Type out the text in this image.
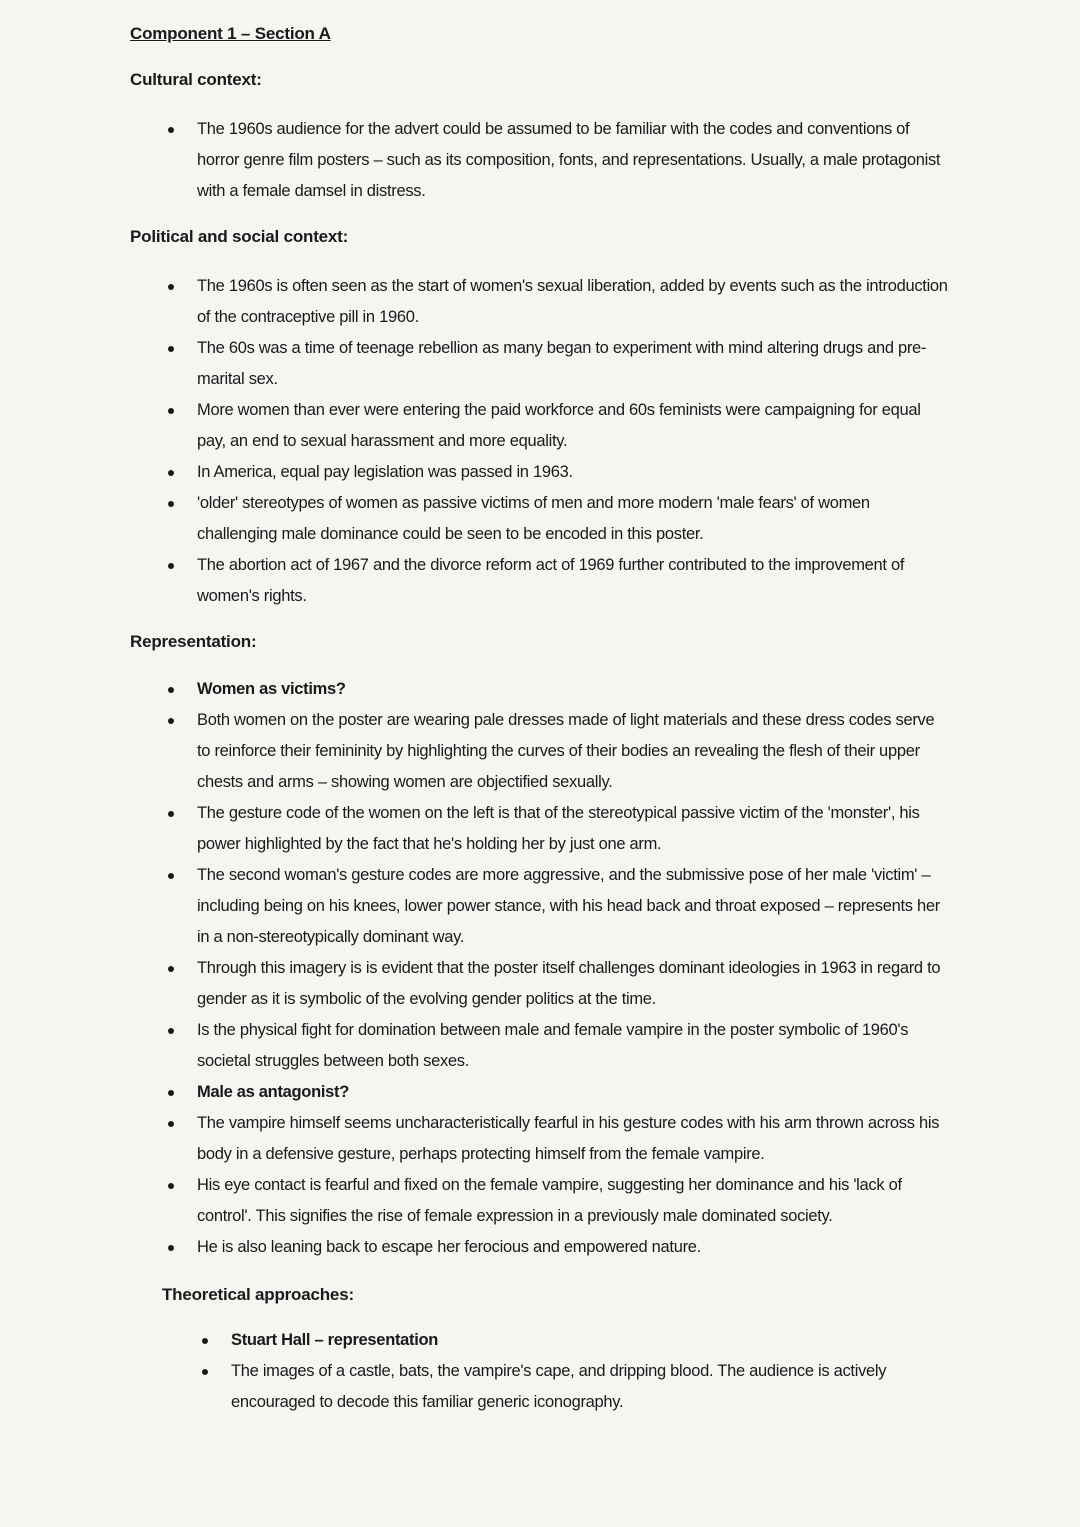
Component 1 – Section A
Cultural context:
The 1960s audience for the advert could be assumed to be familiar with the codes and conventions of horror genre film posters – such as its composition, fonts, and representations. Usually, a male protagonist with a female damsel in distress.
Political and social context:
The 1960s is often seen as the start of women's sexual liberation, added by events such as the introduction of the contraceptive pill in 1960.
The 60s was a time of teenage rebellion as many began to experiment with mind altering drugs and pre-marital sex.
More women than ever were entering the paid workforce and 60s feminists were campaigning for equal pay, an end to sexual harassment and more equality.
In America, equal pay legislation was passed in 1963.
'older' stereotypes of women as passive victims of men and more modern 'male fears' of women challenging male dominance could be seen to be encoded in this poster.
The abortion act of 1967 and the divorce reform act of 1969 further contributed to the improvement of women's rights.
Representation:
Women as victims?
Both women on the poster are wearing pale dresses made of light materials and these dress codes serve to reinforce their femininity by highlighting the curves of their bodies an revealing the flesh of their upper chests and arms – showing women are objectified sexually.
The gesture code of the women on the left is that of the stereotypical passive victim of the 'monster', his power highlighted by the fact that he's holding her by just one arm.
The second woman's gesture codes are more aggressive, and the submissive pose of her male 'victim' – including being on his knees, lower power stance, with his head back and throat exposed – represents her in a non-stereotypically dominant way.
Through this imagery is is evident that the poster itself challenges dominant ideologies in 1963 in regard to gender as it is symbolic of the evolving gender politics at the time.
Is the physical fight for domination between male and female vampire in the poster symbolic of 1960's societal struggles between both sexes.
Male as antagonist?
The vampire himself seems uncharacteristically fearful in his gesture codes with his arm thrown across his body in a defensive gesture, perhaps protecting himself from the female vampire.
His eye contact is fearful and fixed on the female vampire, suggesting her dominance and his 'lack of control'. This signifies the rise of female expression in a previously male dominated society.
He is also leaning back to escape her ferocious and empowered nature.
Theoretical approaches:
Stuart Hall – representation
The images of a castle, bats, the vampire's cape, and dripping blood. The audience is actively encouraged to decode this familiar generic iconography.
